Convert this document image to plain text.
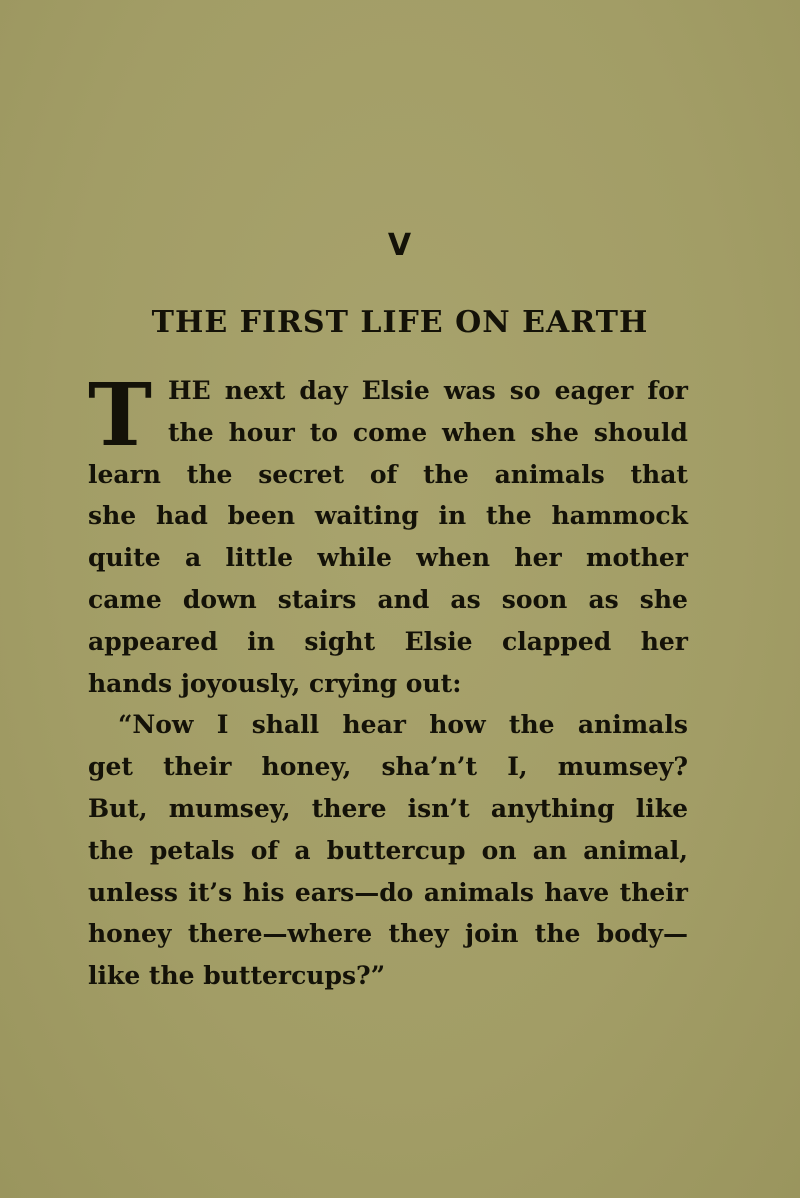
V
THE FIRST LIFE ON EARTH
T HE next day Elsie was so eager for
the hour to come when she should
learn the secret of the animals that
she had been waiting in the hammock
quite a little while when her mother
came down stairs and as soon as she
appeared in sight Elsie clapped her
hands joyously, crying out:
“Now I shall hear how the animals
get their honey, sha’n’t I, mumsey?
But, mumsey, there isn’t anything like
the petals of a buttercup on an animal,
unless it’s his ears—do animals have their
honey there—where they join the body—
like the buttercups?”
